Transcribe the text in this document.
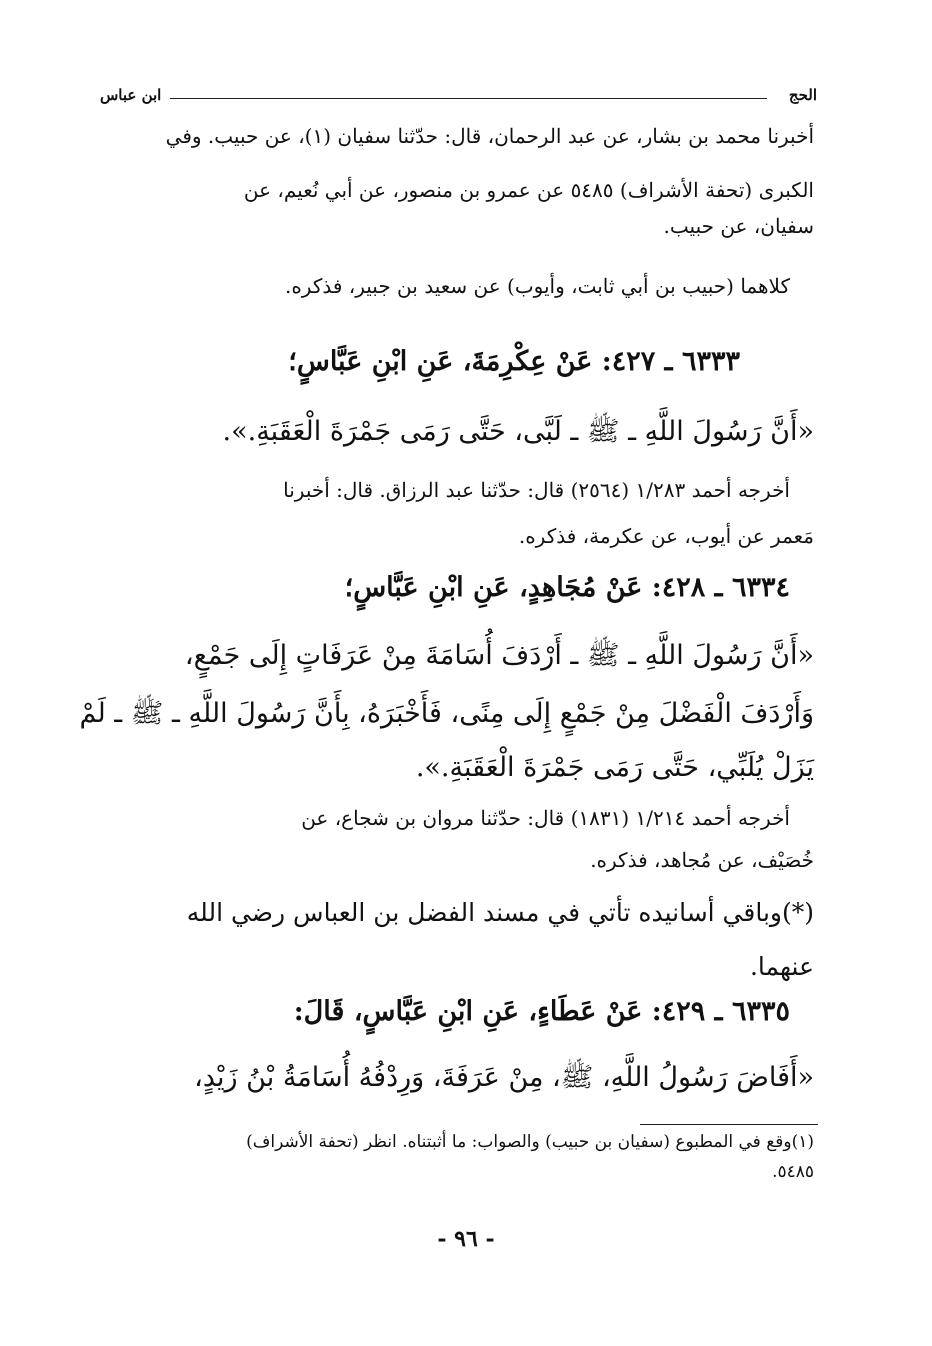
الحج
ابن عباس
أخبرنا محمد بن بشار، عن عبد الرحمان، قال: حدّثنا سفيان (١)، عن حبيب. وفي
الكبرى (تحفة الأشراف) ٥٤٨٥ عن عمرو بن منصور، عن أبي نُعيم، عن
سفيان، عن حبيب.
كلاهما (حبيب بن أبي ثابت، وأيوب) عن سعيد بن جبير، فذكره.
٦٣٣٣ ـ ٤٢٧: عَنْ عِكْرِمَةَ، عَنِ ابْنِ عَبَّاسٍ؛
«أَنَّ رَسُولَ اللَّهِ ـ ﷺ ـ لَبَّى، حَتَّى رَمَى جَمْرَةَ الْعَقَبَةِ.».
أخرجه أحمد ١/٢٨٣ (٢٥٦٤) قال: حدّثنا عبد الرزاق. قال: أخبرنا
مَعمر عن أيوب، عن عكرمة، فذكره.
٦٣٣٤ ـ ٤٢٨: عَنْ مُجَاهِدٍ، عَنِ ابْنِ عَبَّاسٍ؛
«أَنَّ رَسُولَ اللَّهِ ـ ﷺ ـ أَرْدَفَ أُسَامَةَ مِنْ عَرَفَاتٍ إِلَى جَمْعٍ،
وَأَرْدَفَ الْفَضْلَ مِنْ جَمْعٍ إِلَى مِنًى، فَأَخْبَرَهُ، بِأَنَّ رَسُولَ اللَّهِ ـ ﷺ ـ لَمْ
يَزَلْ يُلَبِّي، حَتَّى رَمَى جَمْرَةَ الْعَقَبَةِ.».
أخرجه أحمد ١/٢١٤ (١٨٣١) قال: حدّثنا مروان بن شجاع، عن
خُصَيْف، عن مُجاهد، فذكره.
(*)وباقي أسانيده تأتي في مسند الفضل بن العباس رضي الله
عنهما.
٦٣٣٥ ـ ٤٢٩: عَنْ عَطَاءٍ، عَنِ ابْنِ عَبَّاسٍ، قَالَ:
«أَفَاضَ رَسُولُ اللَّهِ، ﷺ، مِنْ عَرَفَةَ، وَرِدْفُهُ أُسَامَةُ بْنُ زَيْدٍ،
(١)وقع في المطبوع (سفيان بن حبيب) والصواب: ما أثبتناه. انظر (تحفة الأشراف)
٥٤٨٥.
- ٩٦ -
